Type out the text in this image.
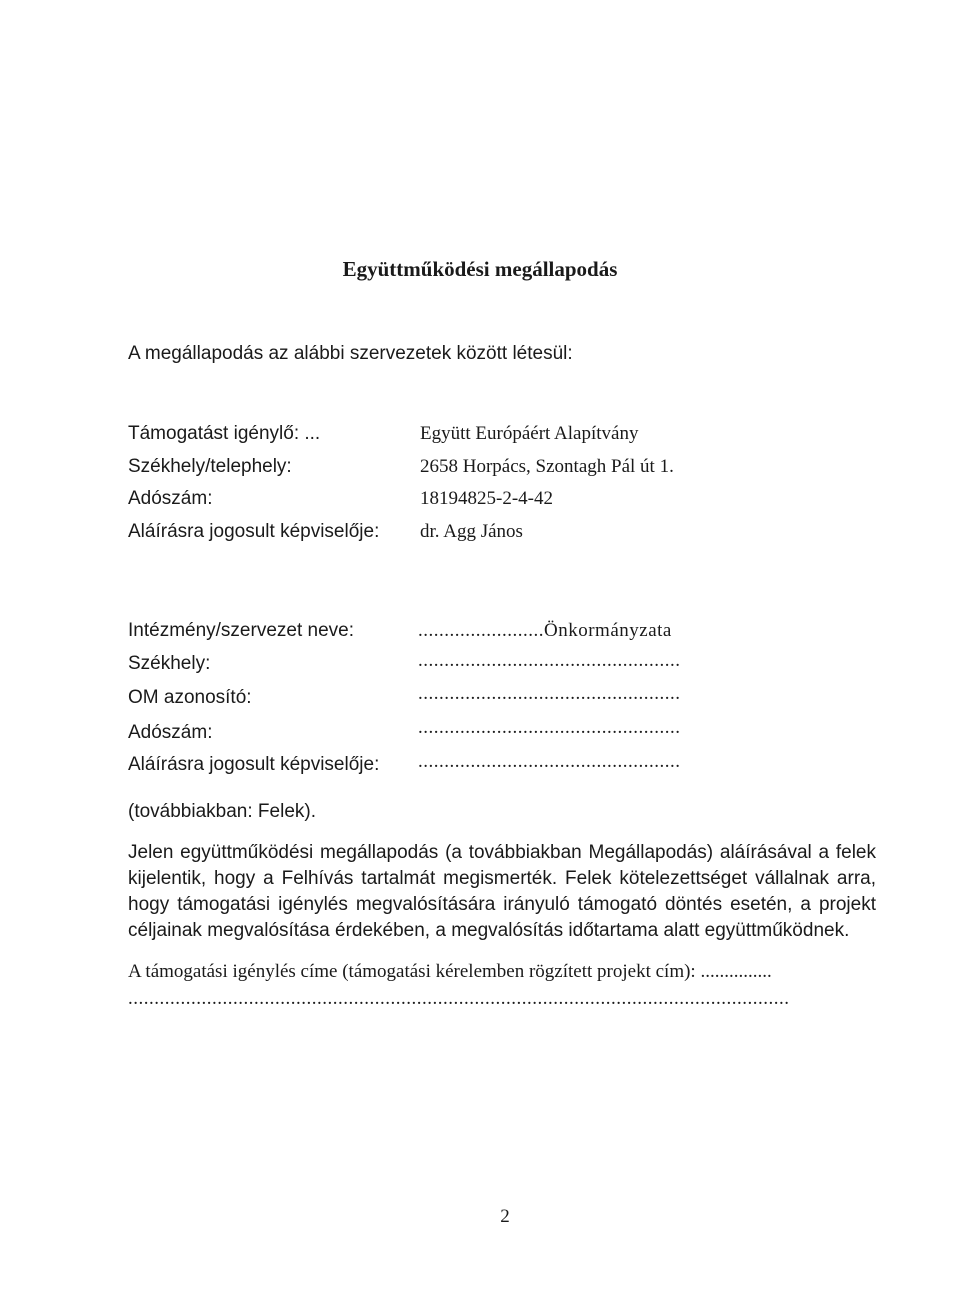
Együttműködési megállapodás
A megállapodás az alábbi szervezetek között létesül:
Támogatást igénylő: ...	Együtt Európáért Alapítvány
Székhely/telephely:	2658 Horpács, Szontagh Pál út 1.
Adószám:	18194825-2-4-42
Aláírásra jogosult képviselője: dr. Agg János
Intézmény/szervezet neve:	........................Önkormányzata
Székhely:	..................................................
OM azonosító:	..................................................
Adószám:	..................................................
Aláírásra jogosult képviselője: ..................................................
(továbbiakban: Felek).
Jelen együttműködési megállapodás (a továbbiakban Megállapodás) aláírásával a felek kijelentik, hogy a Felhívás tartalmát megismerték. Felek kötelezettséget vállalnak arra, hogy támogatási igénylés megvalósítására irányuló támogató döntés esetén, a projekt céljainak megvalósítása érdekében, a megvalósítás időtartama alatt együttműködnek.
A támogatási igénylés címe (támogatási kérelemben rögzített projekt cím): ...............
..............................................................................................................................
2
